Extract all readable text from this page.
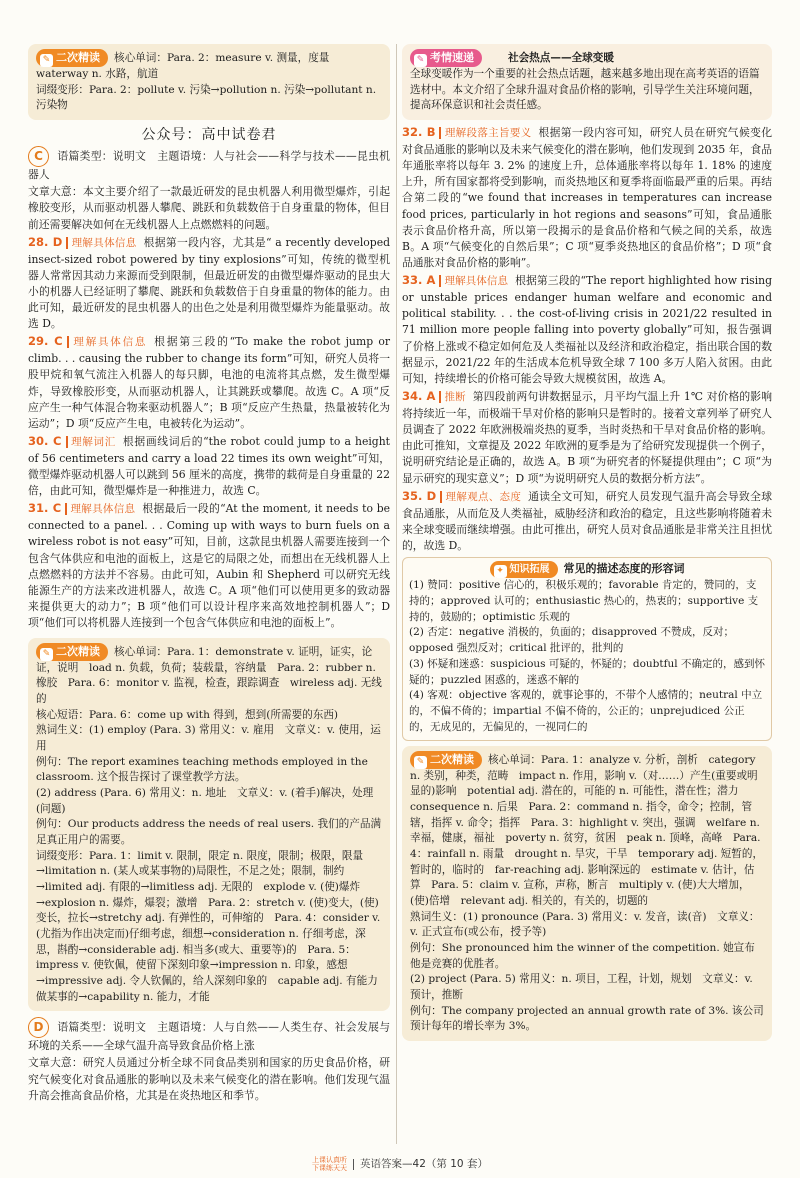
✎ 二次精读 核心单词：Para. 2：measure v. 测量，度量 waterway n. 水路，航道
词缀变形：Para. 2：pollute v. 污染→pollution n. 污染→pollutant n. 污染物
公众号：高中试卷君

C 语篇类型：说明文　主题语境：人与社会——科学与技术——昆虫机器人

文章大意：本文主要介绍了一款最近研发的昆虫机器人利用微型爆炸，引起橡胶变形，从而驱动机器人攀爬、跳跃和负载数倍于自身重量的物体，但目前还需要解决如何在无线机器人上点燃燃料的问题。

28. D 理解具体信息 根据第一段内容，尤其是“ a recently developed insect-sized robot powered by tiny explosions”可知，传统的微型机器人常常因其动力来源而受到限制，但最近研发的由微型爆炸驱动的昆虫大小的机器人已经证明了攀爬、跳跃和负载数倍于自身重量的物体的能力。由此可知，最近研发的昆虫机器人的出色之处是利用微型爆炸为能量驱动。故选 D。

29. C 理解具体信息 根据第三段的“To make the robot jump or climb. . . causing the rubber to change its form”可知，研究人员将一股甲烷和氧气流注入机器人的每只脚，电池的电流将其点燃，发生微型爆炸，导致橡胶形变，从而驱动机器人，让其跳跃或攀爬。故选 C。A 项“反应产生一种气体混合物来驱动机器人”；B 项“反应产生热量，热量被转化为运动”；D 项“反应产生电，电被转化为运动”。

30. C 理解词汇 根据画线词后的“the robot could jump to a height of 56 centimeters and carry a load 22 times its own weight”可知，微型爆炸驱动机器人可以跳到 56 厘米的高度，携带的载荷是自身重量的 22 倍，由此可知，微型爆炸是一种推进力，故选 C。

31. C 理解具体信息 根据最后一段的“At the moment, it needs to be connected to a panel. . . Coming up with ways to burn fuels on a wireless robot is not easy”可知，目前，这款昆虫机器人需要连接到一个包含气体供应和电池的面板上，这是它的局限之处，而想出在无线机器人上点燃燃料的方法并不容易。由此可知，Aubin 和 Shepherd 可以研究无线能源生产的方法来改进机器人，故选 C。A 项“他们可以使用更多的致动器来提供更大的动力”；B 项“他们可以设计程序来高效地控制机器人”；D 项“他们可以将机器人连接到一个包含气体供应和电池的面板上”。

✎ 二次精读 核心单词：Para. 1：demonstrate v. 证明，证实，论证，说明　load n. 负载，负荷；装载量，容纳量　Para. 2：rubber n. 橡胶　Para. 6：monitor v. 监视，检查，跟踪调查　wireless adj. 无线的
核心短语：Para. 6：come up with 得到，想到(所需要的东西)
熟词生义：(1) employ (Para. 3) 常用义：v. 雇用　文章义：v. 使用，运用
例句：The report examines teaching methods employed in the classroom. 这个报告探讨了课堂教学方法。
(2) address (Para. 6) 常用义：n. 地址　文章义：v. (着手)解决，处理(问题)
例句：Our products address the needs of real users. 我们的产品满足真正用户的需要。
词缀变形：Para. 1：limit v. 限制，限定 n. 限度，限制；极限，限量→limitation n. (某人或某事物的)局限性，不足之处；限制，制约→limited adj. 有限的→limitless adj. 无限的　explode v. (使)爆炸→explosion n. 爆炸，爆裂；激增　Para. 2：stretch v. (使)变大，(使)变长，拉长→stretchy adj. 有弹性的，可伸缩的　Para. 4：consider v. (尤指为作出决定而)仔细考虑，细想→consideration n. 仔细考虑，深思，斟酌→considerable adj. 相当多(或大、重要等)的　Para. 5：impress v. 使钦佩，使留下深刻印象→impression n. 印象，感想→impressive adj. 令人钦佩的，给人深刻印象的　capable adj. 有能力做某事的→capability n. 能力，才能

D 语篇类型：说明文　主题语境：人与自然——人类生存、社会发展与环境的关系——全球气温升高导致食品价格上涨

文章大意：研究人员通过分析全球不同食品类别和国家的历史食品价格，研究气候变化对食品通胀的影响以及未来气候变化的潜在影响。他们发现气温升高会推高食品价格，尤其是在炎热地区和季节。

✎ 考情速递	社会热点——全球变暖
全球变暖作为一个重要的社会热点话题，越来越多地出现在高考英语的语篇选材中。本文介绍了全球升温对食品价格的影响，引导学生关注环境问题，提高环保意识和社会责任感。

32. B 理解段落主旨要义 根据第一段内容可知，研究人员在研究气候变化对食品通胀的影响以及未来气候变化的潜在影响，他们发现到 2035 年，食品年通胀率将以每年 3. 2% 的速度上升，总体通胀率将以每年 1. 18% 的速度上升，所有国家都将受到影响，而炎热地区和夏季将面临最严重的后果。再结合第二段的“we found that increases in temperatures can increase food prices, particularly in hot regions and seasons”可知，食品通胀表示食品价格升高，所以第一段揭示的是食品价格和气候之间的关系，故选 B。A 项“气候变化的自然后果”；C 项“夏季炎热地区的食品价格”；D 项“食品通胀对食品价格的影响”。

33. A 理解具体信息 根据第三段的“The report highlighted how rising or unstable prices endanger human welfare and economic and political stability. . . the cost-of-living crisis in 2021/22 resulted in 71 million more people falling into poverty globally”可知，报告强调了价格上涨或不稳定如何危及人类福祉以及经济和政治稳定，指出联合国的数据显示，2021/22 年的生活成本危机导致全球 7 100 多万人陷入贫困。由此可知，持续增长的价格可能会导致大规模贫困，故选 A。

34. A 推断 第四段前两句讲数据显示，月平均气温上升 1℃ 对价格的影响将持续近一年，而极端干旱对价格的影响只是暂时的。接着文章列举了研究人员调查了 2022 年欧洲极端炎热的夏季，当时炎热和干旱对食品价格的影响。由此可推知，文章提及 2022 年欧洲的夏季是为了给研究发现提供一个例子，说明研究结论是正确的，故选 A。B 项“为研究者的怀疑提供理由”；C 项“为显示研究的现实意义”；D 项“为说明研究人员的数据分析方法”。

35. D 理解观点、态度 通读全文可知，研究人员发现气温升高会导致全球食品通胀，从而危及人类福祉，威胁经济和政治的稳定，且这些影响将随着未来全球变暖而继续增强。由此可推出，研究人员对食品通胀是非常关注且担忧的，故选 D。

✦ 知识拓展 常见的描述态度的形容词
(1) 赞同：positive 信心的，积极乐观的；favorable 肯定的，赞同的，支持的；approved 认可的；enthusiastic 热心的，热衷的；supportive 支持的，鼓励的；optimistic 乐观的
(2) 否定：negative 消极的，负面的；disapproved 不赞成，反对；opposed 强烈反对；critical 批评的，批判的
(3) 怀疑和迷惑：suspicious 可疑的，怀疑的；doubtful 不确定的，感到怀疑的；puzzled 困惑的，迷惑不解的
(4) 客观：objective 客观的，就事论事的，不带个人感情的；neutral 中立的，不偏不倚的；impartial 不偏不倚的，公正的；unprejudiced 公正的，无成见的，无偏见的，一视同仁的
✎ 二次精读 核心单词：Para. 1：analyze v. 分析，剖析　category n. 类别，种类，范畴　impact n. 作用，影响 v.（对……）产生(重要或明显的)影响　potential adj. 潜在的，可能的 n. 可能性，潜在性；潜力　consequence n. 后果　Para. 2：command n. 指令，命令；控制，管辖，指挥 v. 命令；指挥　Para. 3：highlight v. 突出，强调　welfare n. 幸福，健康，福祉　poverty n. 贫穷，贫困　peak n. 顶峰，高峰　Para. 4：rainfall n. 雨量　drought n. 旱灾，干旱　temporary adj. 短暂的，暂时的，临时的　far-reaching adj. 影响深远的　estimate v. 估计，估算　Para. 5：claim v. 宣称，声称，断言　multiply v. (使)大大增加，(使)倍增　relevant adj. 相关的，有关的，切题的
熟词生义：(1) pronounce (Para. 3) 常用义：v. 发音，读(音)　文章义：v. 正式宣布(或公布，授予等)
例句：She pronounced him the winner of the competition. 她宣布他是竞赛的优胜者。
(2) project (Para. 5) 常用义：n. 项目，工程，计划，规划　文章义：v. 预计，推断
例句：The company projected an annual growth rate of 3%. 该公司预计每年的增长率为 3%。
上课认真听
下课练天天 英语答案—42（第 10 套）
